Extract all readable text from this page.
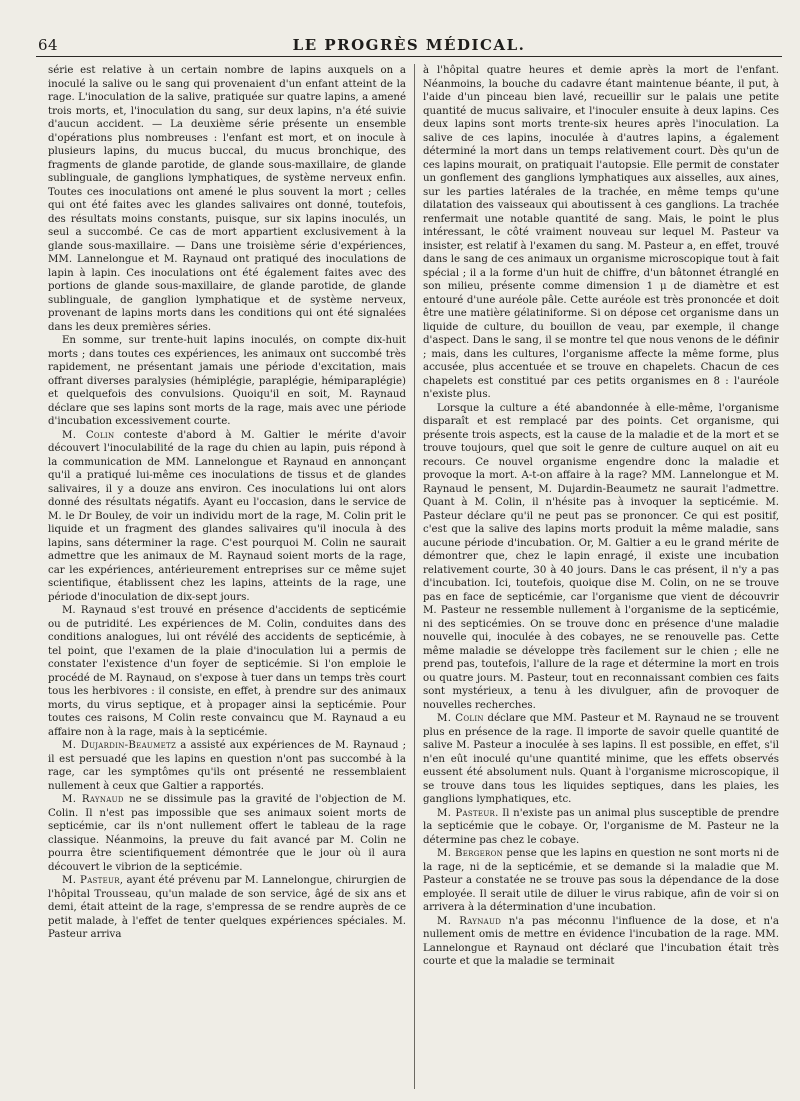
64	LE PROGRÈS MÉDICAL.

série est relative à un certain nombre de lapins auxquels on a inoculé la salive ou le sang qui provenaient d'un enfant atteint de la rage. L'inoculation de la salive, pratiquée sur quatre lapins, a amené trois morts, et, l'inoculation du sang, sur deux lapins, n'a été suivie d'aucun accident. — La deuxième série présente un ensemble d'opérations plus nombreuses : l'enfant est mort, et on inocule à plusieurs lapins, du mucus buccal, du mucus bronchique, des fragments de glande parotide, de glande sous-maxillaire, de glande sublinguale, de ganglions lymphatiques, de système nerveux enfin. Toutes ces inoculations ont amené le plus souvent la mort ; celles qui ont été faites avec les glandes salivaires ont donné, toutefois, des résultats moins constants, puisque, sur six lapins inoculés, un seul a succombé. Ce cas de mort appartient exclusivement à la glande sous-maxillaire. — Dans une troisième série d'expériences, MM. Lannelongue et M. Raynaud ont pratiqué des inoculations de lapin à lapin. Ces inoculations ont été également faites avec des portions de glande sous-maxillaire, de glande parotide, de glande sublinguale, de ganglion lymphatique et de système nerveux, provenant de lapins morts dans les conditions qui ont été signalées dans les deux premières séries.

En somme, sur trente-huit lapins inoculés, on compte dix-huit morts ; dans toutes ces expériences, les animaux ont succombé très rapidement, ne présentant jamais une période d'excitation, mais offrant diverses paralysies (hémiplégie, paraplégie, hémiparaplégie) et quelquefois des convulsions. Quoiqu'il en soit, M. Raynaud déclare que ses lapins sont morts de la rage, mais avec une période d'incubation excessivement courte.

M. Colin conteste d'abord à M. Galtier le mérite d'avoir découvert l'inoculabilité de la rage du chien au lapin, puis répond à la communication de MM. Lannelongue et Raynaud en annonçant qu'il a pratiqué lui-même ces inoculations de tissus et de glandes salivaires, il y a douze ans environ. Ces inoculations lui ont alors donné des résultats négatifs. Ayant eu l'occasion, dans le service de M. le Dr Bouley, de voir un individu mort de la rage, M. Colin prit le liquide et un fragment des glandes salivaires qu'il inocula à des lapins, sans déterminer la rage. C'est pourquoi M. Colin ne saurait admettre que les animaux de M. Raynaud soient morts de la rage, car les expériences, antérieurement entreprises sur ce même sujet scientifique, établissent chez les lapins, atteints de la rage, une période d'inoculation de dix-sept jours.

M. Raynaud s'est trouvé en présence d'accidents de septicémie ou de putridité. Les expériences de M. Colin, conduites dans des conditions analogues, lui ont révélé des accidents de septicémie, à tel point, que l'examen de la plaie d'inoculation lui a permis de constater l'existence d'un foyer de septicémie. Si l'on emploie le procédé de M. Raynaud, on s'expose à tuer dans un temps très court tous les herbivores : il consiste, en effet, à prendre sur des animaux morts, du virus septique, et à propager ainsi la septicémie. Pour toutes ces raisons, M Colin reste convaincu que M. Raynaud a eu affaire non à la rage, mais à la septicémie.

M. Dujardin-Beaumetz a assisté aux expériences de M. Raynaud ; il est persuadé que les lapins en question n'ont pas succombé à la rage, car les symptômes qu'ils ont présenté ne ressemblaient nullement à ceux que Galtier a rapportés.

M. Raynaud ne se dissimule pas la gravité de l'objection de M. Colin. Il n'est pas impossible que ses animaux soient morts de septicémie, car ils n'ont nullement offert le tableau de la rage classique. Néanmoins, la preuve du fait avancé par M. Colin ne pourra être scientifiquement démontrée que le jour où il aura découvert le vibrion de la septicémie.

M. Pasteur, ayant été prévenu par M. Lannelongue, chirurgien de l'hôpital Trousseau, qu'un malade de son service, âgé de six ans et demi, était atteint de la rage, s'empressa de se rendre auprès de ce petit malade, à l'effet de tenter quelques expériences spéciales. M. Pasteur arriva

à l'hôpital quatre heures et demie après la mort de l'enfant. Néanmoins, la bouche du cadavre étant maintenue béante, il put, à l'aide d'un pinceau bien lavé, recueillir sur le palais une petite quantité de mucus salivaire, et l'inoculer ensuite à deux lapins. Ces deux lapins sont morts trente-six heures après l'inoculation. La salive de ces lapins, inoculée à d'autres lapins, a également déterminé la mort dans un temps relativement court. Dès qu'un de ces lapins mourait, on pratiquait l'autopsie. Elle permit de constater un gonflement des ganglions lymphatiques aux aisselles, aux aines, sur les parties latérales de la trachée, en même temps qu'une dilatation des vaisseaux qui aboutissent à ces ganglions. La trachée renfermait une notable quantité de sang. Mais, le point le plus intéressant, le côté vraiment nouveau sur lequel M. Pasteur va insister, est relatif à l'examen du sang. M. Pasteur a, en effet, trouvé dans le sang de ces animaux un organisme microscopique tout à fait spécial ; il a la forme d'un huit de chiffre, d'un bâtonnet étranglé en son milieu, présente comme dimension 1 μ de diamètre et est entouré d'une auréole pâle. Cette auréole est très prononcée et doit être une matière gélatiniforme. Si on dépose cet organisme dans un liquide de culture, du bouillon de veau, par exemple, il change d'aspect. Dans le sang, il se montre tel que nous venons de le définir ; mais, dans les cultures, l'organisme affecte la même forme, plus accusée, plus accentuée et se trouve en chapelets. Chacun de ces chapelets est constitué par ces petits organismes en 8 : l'auréole n'existe plus.

Lorsque la culture a été abandonnée à elle-même, l'organisme disparaît et est remplacé par des points. Cet organisme, qui présente trois aspects, est la cause de la maladie et de la mort et se trouve toujours, quel que soit le genre de culture auquel on ait eu recours. Ce nouvel organisme engendre donc la maladie et provoque la mort. A-t-on affaire à la rage? MM. Lannelongue et M. Raynaud le pensent, M. Dujardin-Beaumetz ne saurait l'admettre. Quant à M. Colin, il n'hésite pas à invoquer la septicémie. M. Pasteur déclare qu'il ne peut pas se prononcer. Ce qui est positif, c'est que la salive des lapins morts produit la même maladie, sans aucune période d'incubation. Or, M. Galtier a eu le grand mérite de démontrer que, chez le lapin enragé, il existe une incubation relativement courte, 30 à 40 jours. Dans le cas présent, il n'y a pas d'incubation. Ici, toutefois, quoique dise M. Colin, on ne se trouve pas en face de septicémie, car l'organisme que vient de découvrir M. Pasteur ne ressemble nullement à l'organisme de la septicémie, ni des septicémies. On se trouve donc en présence d'une maladie nouvelle qui, inoculée à des cobayes, ne se renouvelle pas. Cette même maladie se développe très facilement sur le chien ; elle ne prend pas, toutefois, l'allure de la rage et détermine la mort en trois ou quatre jours. M. Pasteur, tout en reconnaissant combien ces faits sont mystérieux, a tenu à les divulguer, afin de provoquer de nouvelles recherches.

M. Colin déclare que MM. Pasteur et M. Raynaud ne se trouvent plus en présence de la rage. Il importe de savoir quelle quantité de salive M. Pasteur a inoculée à ses lapins. Il est possible, en effet, s'il n'en eût inoculé qu'une quantité minime, que les effets observés eussent été absolument nuls. Quant à l'organisme microscopique, il se trouve dans tous les liquides septiques, dans les plaies, les ganglions lymphatiques, etc.

M. Pasteur. Il n'existe pas un animal plus susceptible de prendre la septicémie que le cobaye. Or, l'organisme de M. Pasteur ne la détermine pas chez le cobaye.

M. Bergeron pense que les lapins en question ne sont morts ni de la rage, ni de la septicémie, et se demande si la maladie que M. Pasteur a constatée ne se trouve pas sous la dépendance de la dose employée. Il serait utile de diluer le virus rabique, afin de voir si on arrivera à la détermination d'une incubation.

M. Raynaud n'a pas méconnu l'influence de la dose, et n'a nullement omis de mettre en évidence l'incubation de la rage. MM. Lannelongue et Raynaud ont déclaré que l'incubation était très courte et que la maladie se terminait
